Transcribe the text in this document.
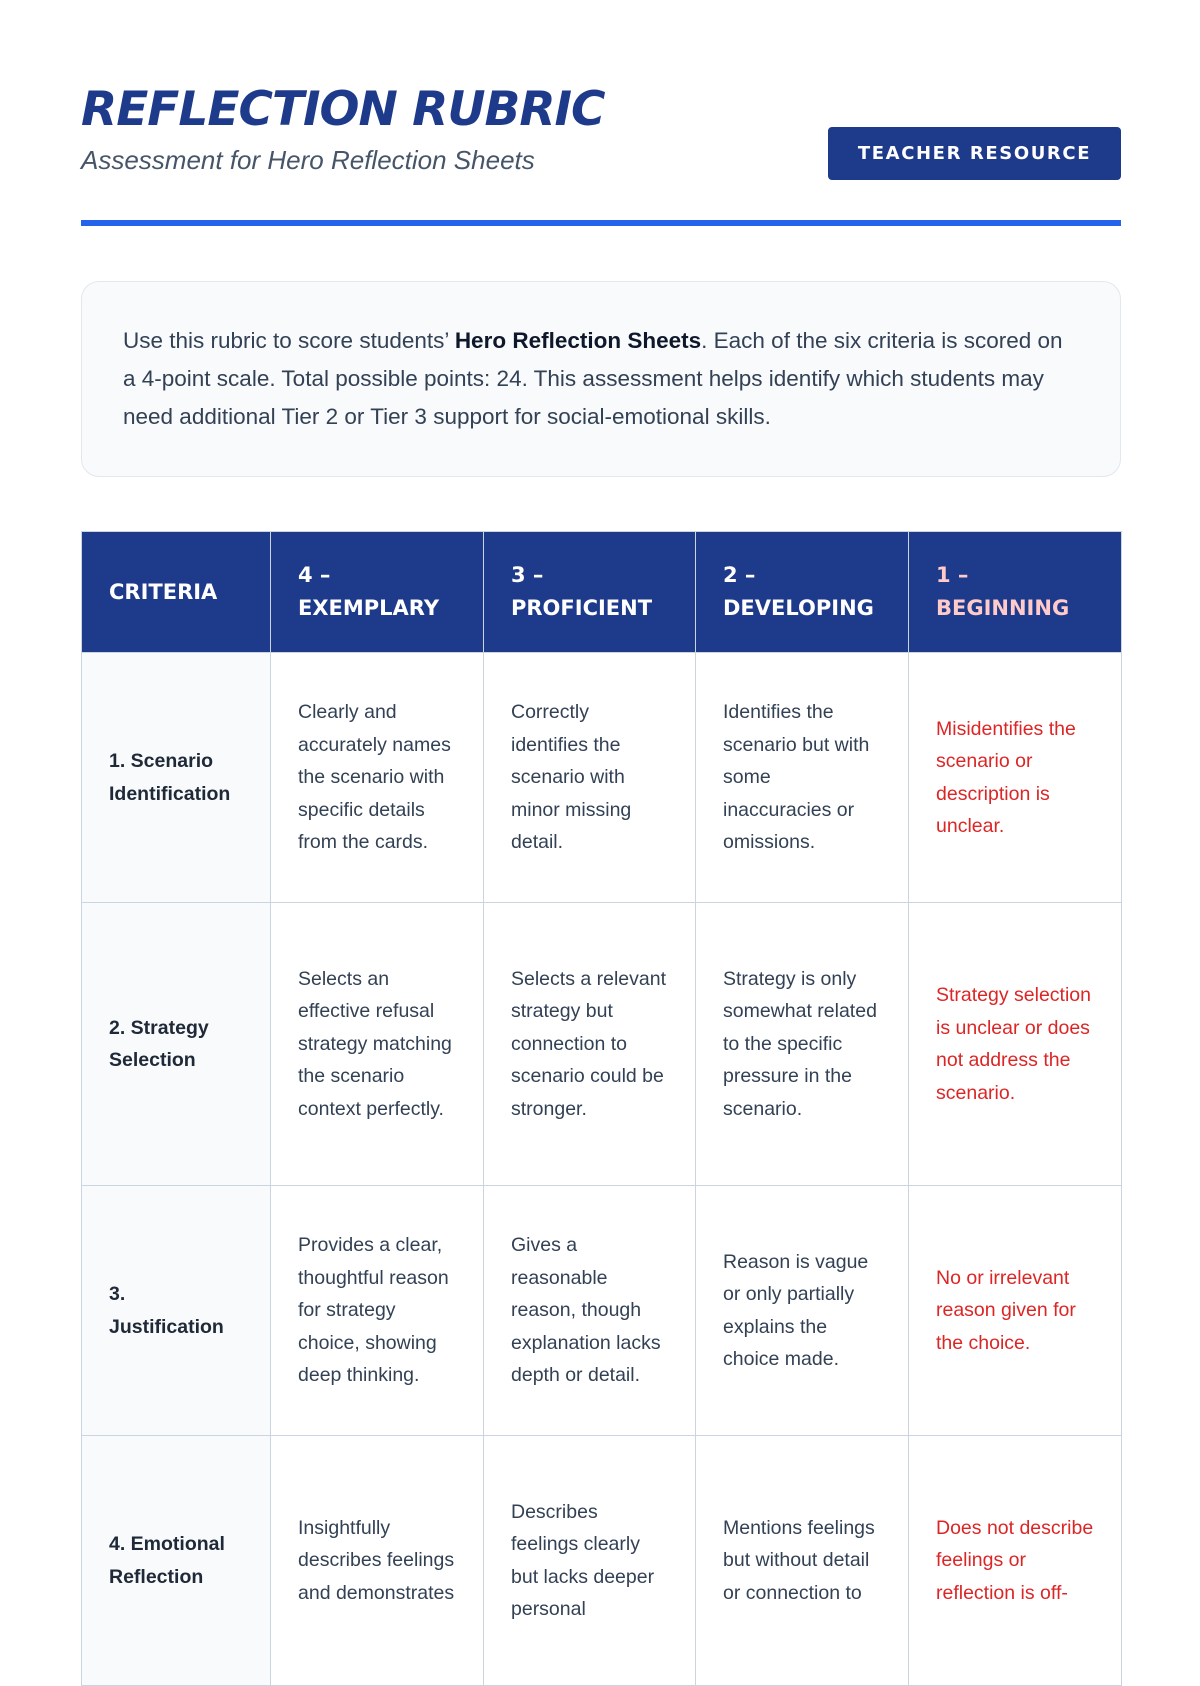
REFLECTION RUBRIC

Assessment for Hero Reflection Sheets	TEACHER RESOURCE
Use this rubric to score students’ Hero Reflection Sheets. Each of the six criteria is scored on a 4-point scale. Total possible points: 24. This assessment helps identify which students may need additional Tier 2 or Tier 3 support for social-emotional skills.
CRITERIA	4 – EXEMPLARY	3 – PROFICIENT	2 – DEVELOPING	1 – BEGINNING
1. Scenario Identification	Clearly and accurately names the scenario with specific details from the cards.	Correctly identifies the scenario with minor missing detail.	Identifies the scenario but with some inaccuracies or omissions.	Misidentifies the scenario or description is unclear.
2. Strategy Selection	Selects an effective refusal strategy matching the scenario context perfectly.	Selects a relevant strategy but connection to scenario could be stronger.	Strategy is only somewhat related to the specific pressure in the scenario.	Strategy selection is unclear or does not address the scenario.
3. Justification	Provides a clear, thoughtful reason for strategy choice, showing deep thinking.	Gives a reasonable reason, though explanation lacks depth or detail.	Reason is vague or only partially explains the choice made.	No or irrelevant reason given for the choice.
4. Emotional Reflection	Insightfully describes feelings and demonstrates	Describes feelings clearly but lacks deeper personal	Mentions feelings but without detail or connection to	Does not describe feelings or reflection is off-
